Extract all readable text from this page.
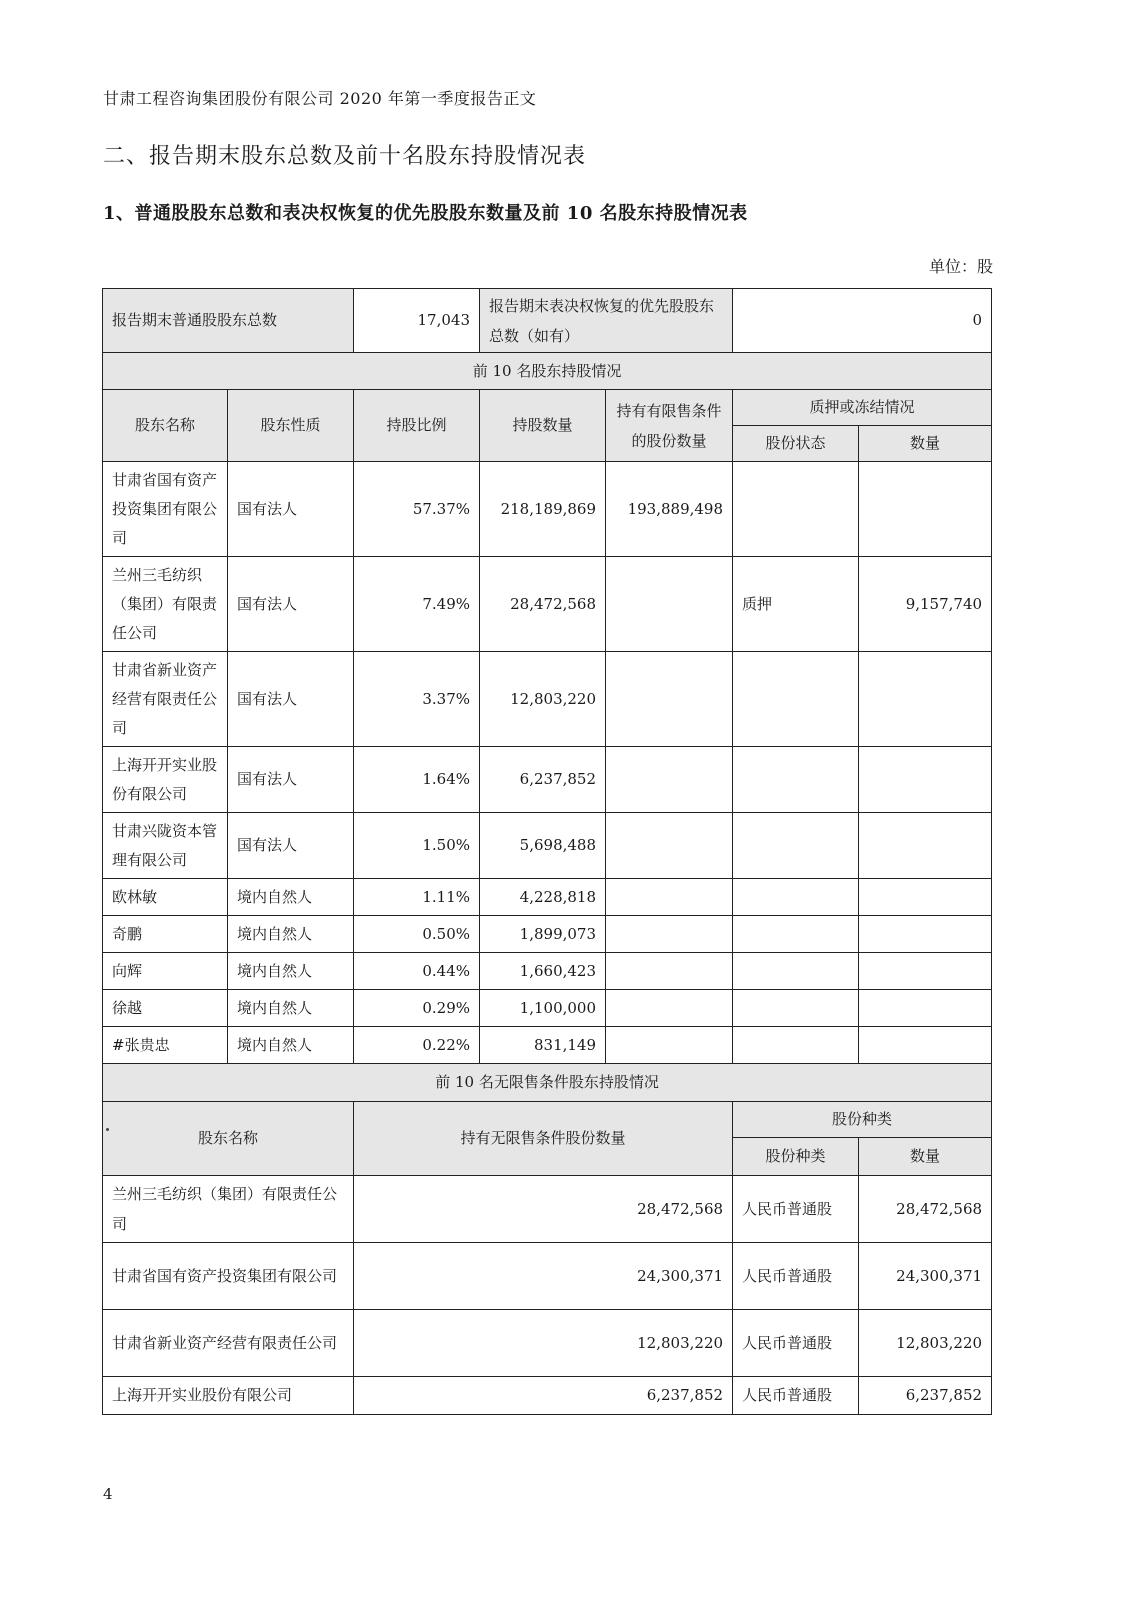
甘肃工程咨询集团股份有限公司 2020 年第一季度报告正文
二、报告期末股东总数及前十名股东持股情况表
1、普通股股东总数和表决权恢复的优先股股东数量及前 10 名股东持股情况表
单位：股
报告期末普通股股东总数		17,043	报告期末表决权恢复的优先股股东总数（如有）		0	
前 10 名股东持股情况						
股东名称	股东性质	持股比例	持股数量	持有有限售条件的股份数量	质押或冻结情况	
					股份状态	数量
甘肃省国有资产投资集团有限公司	国有法人	57.37%	218,189,869	193,889,498		
兰州三毛纺织（集团）有限责任公司	国有法人	7.49%	28,472,568		质押	9,157,740
甘肃省新业资产经营有限责任公司	国有法人	3.37%	12,803,220			
上海开开实业股份有限公司	国有法人	1.64%	6,237,852			
甘肃兴陇资本管理有限公司	国有法人	1.50%	5,698,488			
欧林敏	境内自然人	1.11%	4,228,818			
奇鹏	境内自然人	0.50%	1,899,073			
向辉	境内自然人	0.44%	1,660,423			
徐越	境内自然人	0.29%	1,100,000			
#张贵忠	境内自然人	0.22%	831,149			
前 10 名无限售条件股东持股情况						
股东名称		持有无限售条件股份数量			股份种类	
					股份种类	数量
兰州三毛纺织（集团）有限责任公司		28,472,568			人民币普通股	28,472,568
甘肃省国有资产投资集团有限公司		24,300,371			人民币普通股	24,300,371
甘肃省新业资产经营有限责任公司		12,803,220			人民币普通股	12,803,220
上海开开实业股份有限公司		6,237,852			人民币普通股	6,237,852
4
